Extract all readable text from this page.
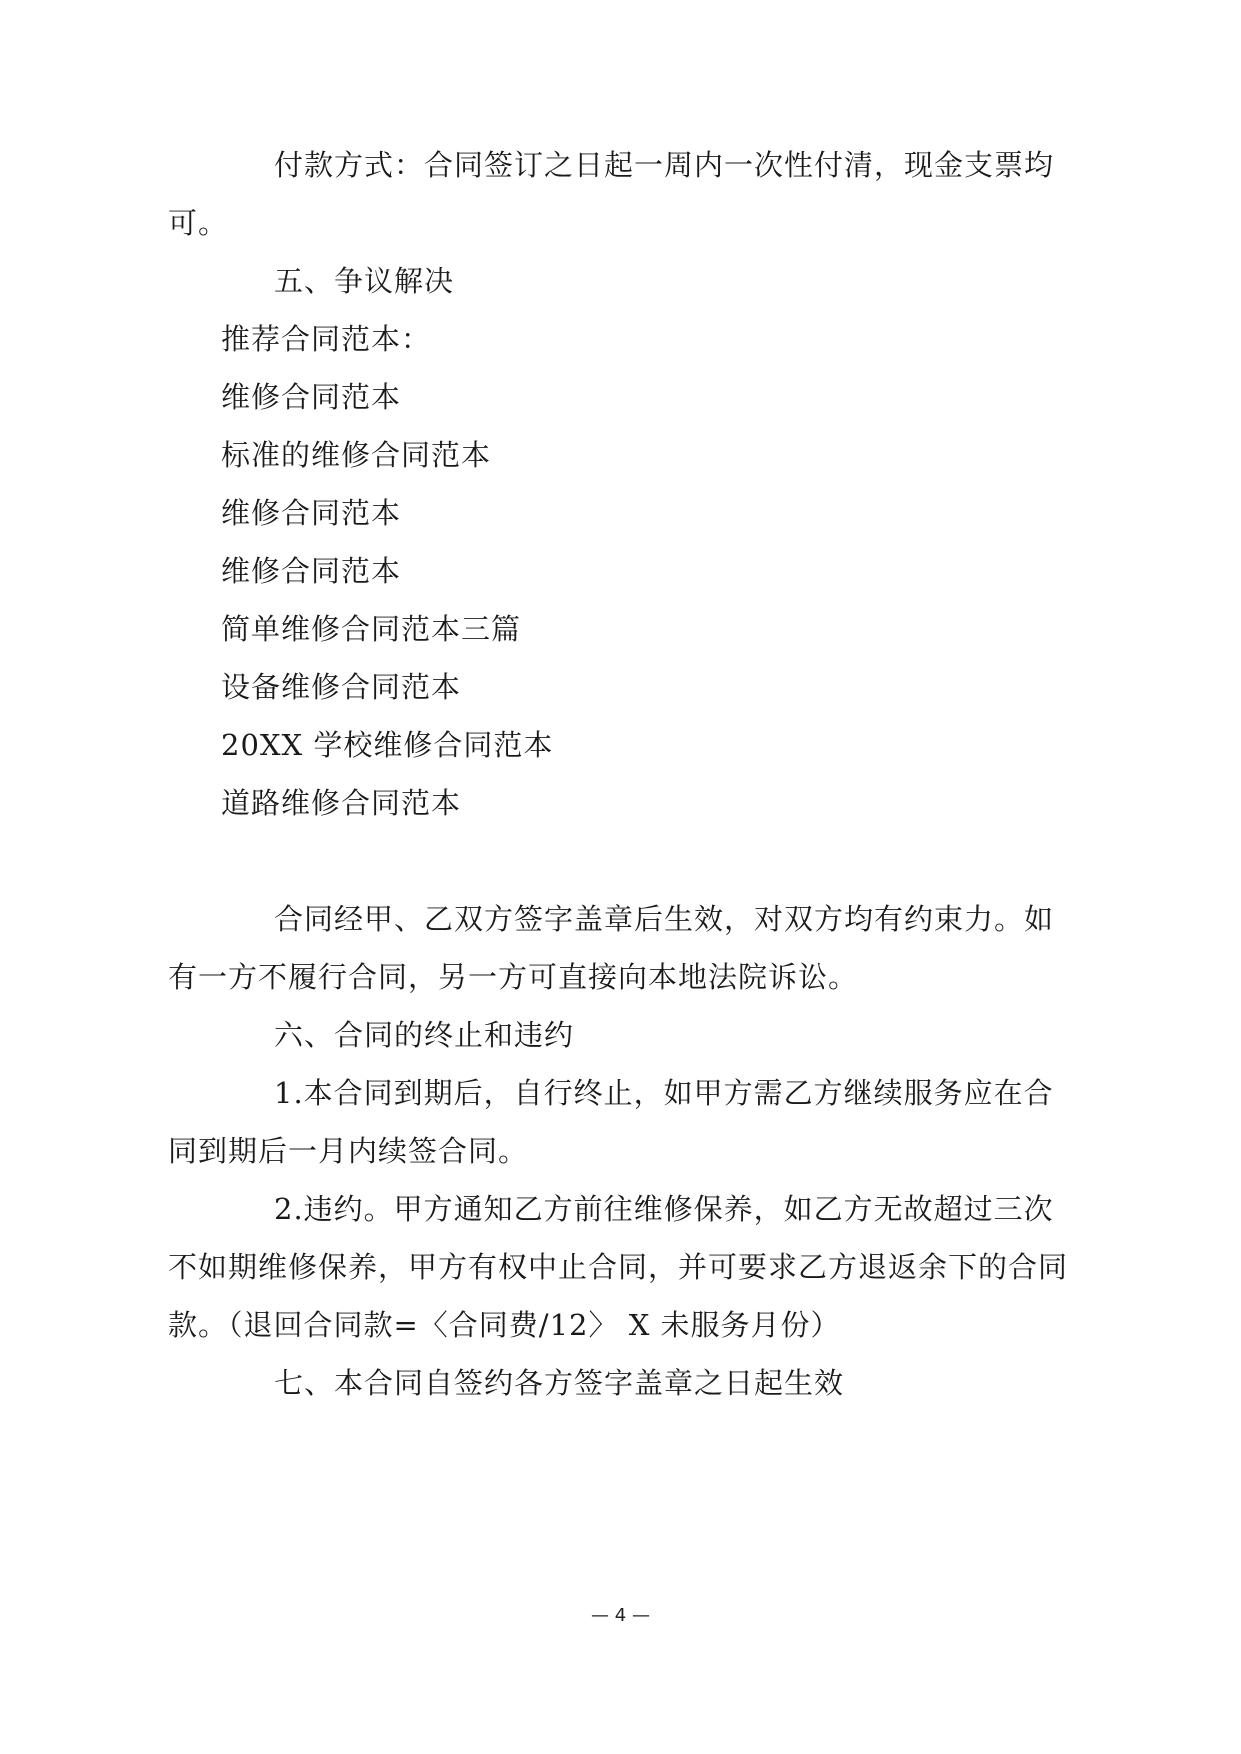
付款方式：合同签订之日起一周内一次性付清，现金支票均
可。
五、争议解决
推荐合同范本：
维修合同范本
标准的维修合同范本
维修合同范本
维修合同范本
简单维修合同范本三篇
设备维修合同范本
20XX 学校维修合同范本
道路维修合同范本
合同经甲、乙双方签字盖章后生效，对双方均有约束力。如
有一方不履行合同，另一方可直接向本地法院诉讼。
六、合同的终止和违约
1.本合同到期后，自行终止，如甲方需乙方继续服务应在合
同到期后一月内续签合同。
2.违约。甲方通知乙方前往维修保养，如乙方无故超过三次
不如期维修保养，甲方有权中止合同，并可要求乙方退返余下的合同
款。（退回合同款=〈合同费/12〉 X 未服务月份）
七、本合同自签约各方签字盖章之日起生效
— 4 —
